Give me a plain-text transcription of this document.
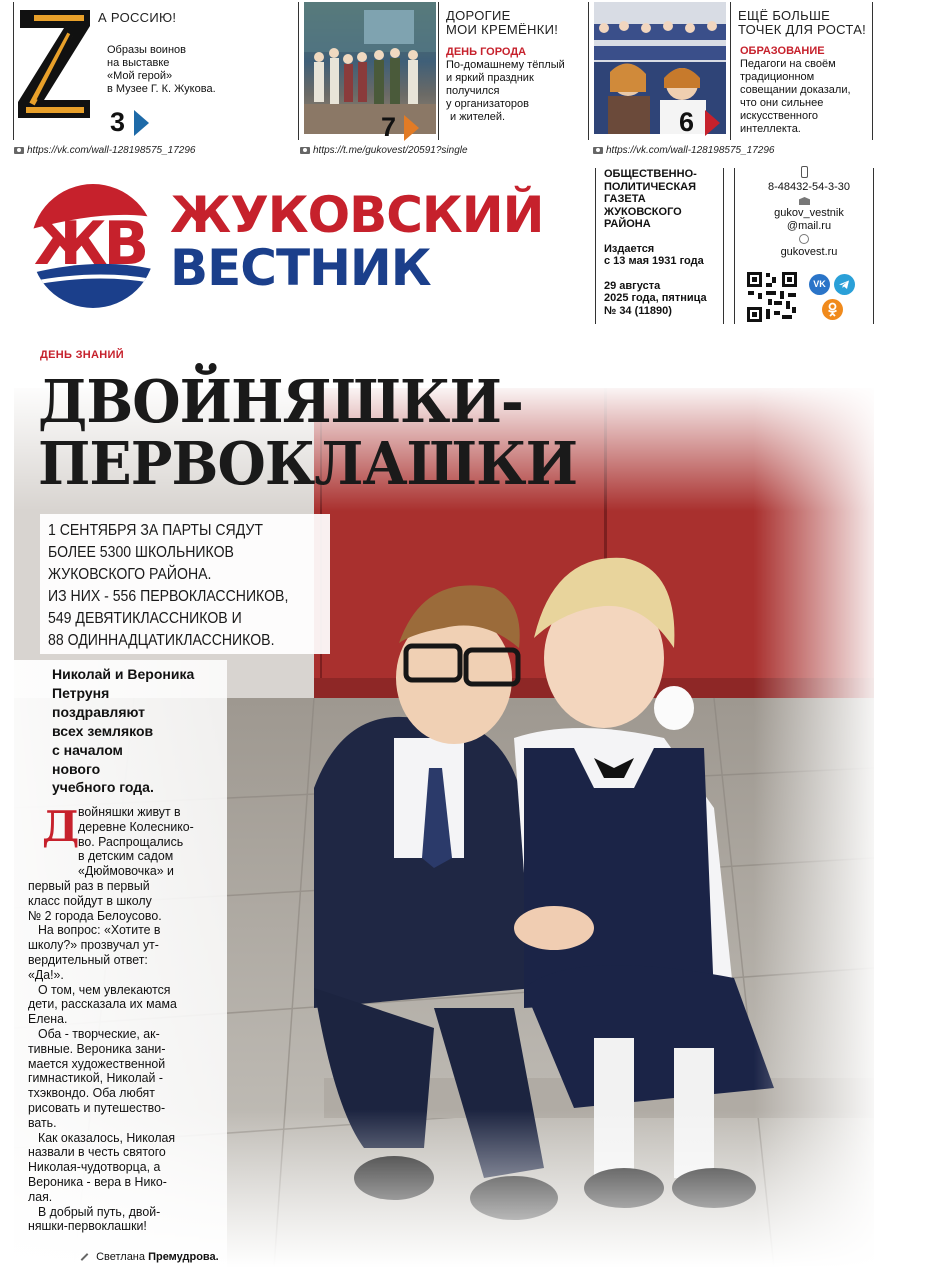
А РОССИЮ!
Образы воинов
на выставке
«Мой герой»
в Музее Г. К. Жукова.
3
ДОРОГИЕ
МОИ КРЕМЁНКИ!
ДЕНЬ ГОРОДА
По-домашнему тёплый
и яркий праздник
получился
у организаторов
и жителей.
7
ЕЩЁ БОЛЬШЕ
ТОЧЕК ДЛЯ РОСТА!
ОБРАЗОВАНИЕ
Педагоги на своём
традиционном
совещании доказали,
что они сильнее
искусственного
интеллекта.
6
https://vk.com/wall-128198575_17296	https://t.me/gukovest/20591?single	https://vk.com/wall-128198575_17296
ЖВ ЖУКОВСКИЙ
ВЕСТНИК
ОБЩЕСТВЕННО-
ПОЛИТИЧЕСКАЯ
ГАЗЕТА
ЖУКОВСКОГО
РАЙОНА
Издается
с 13 мая 1931 года
29 августа
2025 года, пятница
№ 34 (11890)
8-48432-54-3-30
gukov_vestnik
@mail.ru
gukovest.ru
VK
ДЕНЬ ЗНАНИЙ
ДВОЙНЯШКИ-
ПЕРВОКЛАШКИ
1 СЕНТЯБРЯ ЗА ПАРТЫ СЯДУТ
БОЛЕЕ 5300 ШКОЛЬНИКОВ
ЖУКОВСКОГО РАЙОНА.
ИЗ НИХ - 556 ПЕРВОКЛАССНИКОВ,
549 ДЕВЯТИКЛАССНИКОВ И
88 ОДИННАДЦАТИКЛАССНИКОВ.
Николай и Вероника
Петруня
поздравляют
всех земляков
с началом
нового
учебного года.
Д
войняшки живут в
деревне Колеснико-
во. Распрощались
в детским садом
«Дюймовочка» и
первый раз в первый
класс пойдут в школу
№ 2 города Белоусово.
На вопрос: «Хотите в
школу?» прозвучал ут-
вердительный ответ:
«Да!».
О том, чем увлекаются
дети, рассказала их мама
Елена.
Оба - творческие, ак-
тивные. Вероника зани-
мается художественной
гимнастикой, Николай -
тхэквондо. Оба любят
рисовать и путешество-
вать.
Как оказалось, Николая
назвали в честь святого
Николая-чудотворца, а
Вероника - вера в Нико-
лая.
В добрый путь, двой-
няшки-первоклашки!
Светлана Премудрова.
